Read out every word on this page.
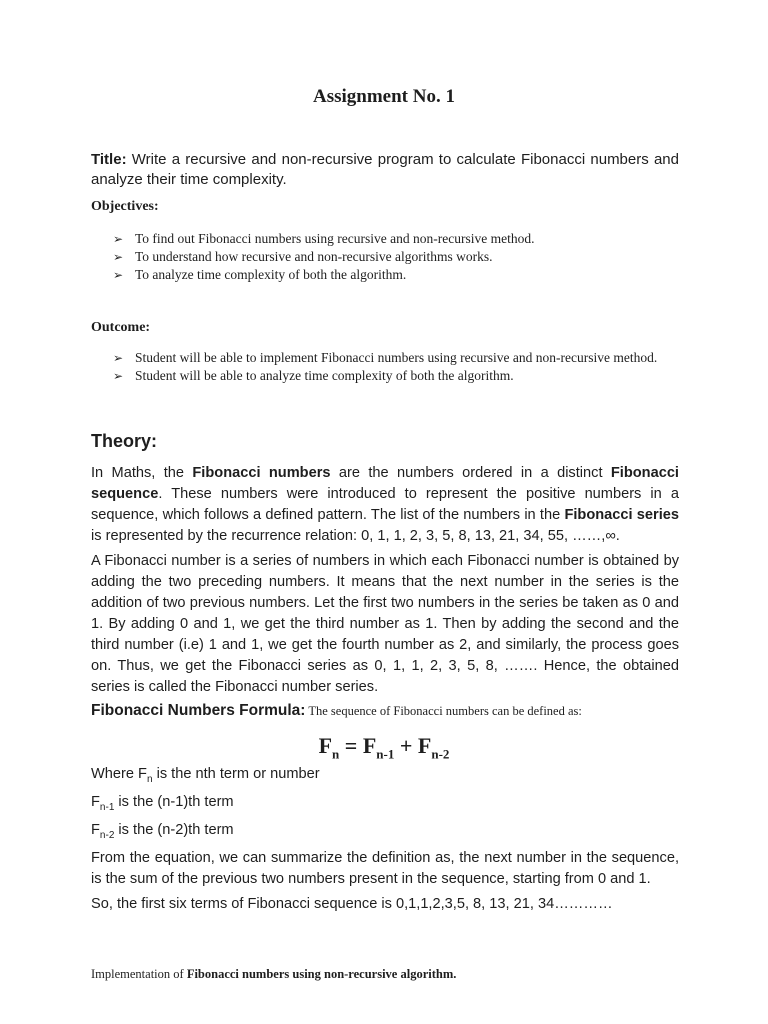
Assignment No. 1

Title: Write a recursive and non-recursive program to calculate Fibonacci numbers and analyze their time complexity.

Objectives:

➢ To find out Fibonacci numbers using recursive and non-recursive method.
➢ To understand how recursive and non-recursive algorithms works.
➢ To analyze time complexity of both the algorithm.

Outcome:

➢ Student will be able to implement Fibonacci numbers using recursive and non-recursive method.
➢ Student will be able to analyze time complexity of both the algorithm.
Theory:

In Maths, the Fibonacci numbers are the numbers ordered in a distinct Fibonacci sequence. These numbers were introduced to represent the positive numbers in a sequence, which follows a defined pattern. The list of the numbers in the Fibonacci series is represented by the recurrence relation: 0, 1, 1, 2, 3, 5, 8, 13, 21, 34, 55, ……,∞.

A Fibonacci number is a series of numbers in which each Fibonacci number is obtained by adding the two preceding numbers. It means that the next number in the series is the addition of two previous numbers. Let the first two numbers in the series be taken as 0 and 1. By adding 0 and 1, we get the third number as 1. Then by adding the second and the third number (i.e) 1 and 1, we get the fourth number as 2, and similarly, the process goes on. Thus, we get the Fibonacci series as 0, 1, 1, 2, 3, 5, 8, ……. Hence, the obtained series is called the Fibonacci number series.

Fibonacci Numbers Formula: The sequence of Fibonacci numbers can be defined as:

$F_n = F_{n-1} + F_{n-2}$

Where $F_n$ is the nth term or number

$F_{n-1}$ is the (n-1)th term

$F_{n-2}$ is the (n-2)th term

From the equation, we can summarize the definition as, the next number in the sequence, is the sum of the previous two numbers present in the sequence, starting from 0 and 1.

So, the first six terms of Fibonacci sequence is 0,1,1,2,3,5, 8, 13, 21, 34…………

Implementation of Fibonacci numbers using non-recursive algorithm.
